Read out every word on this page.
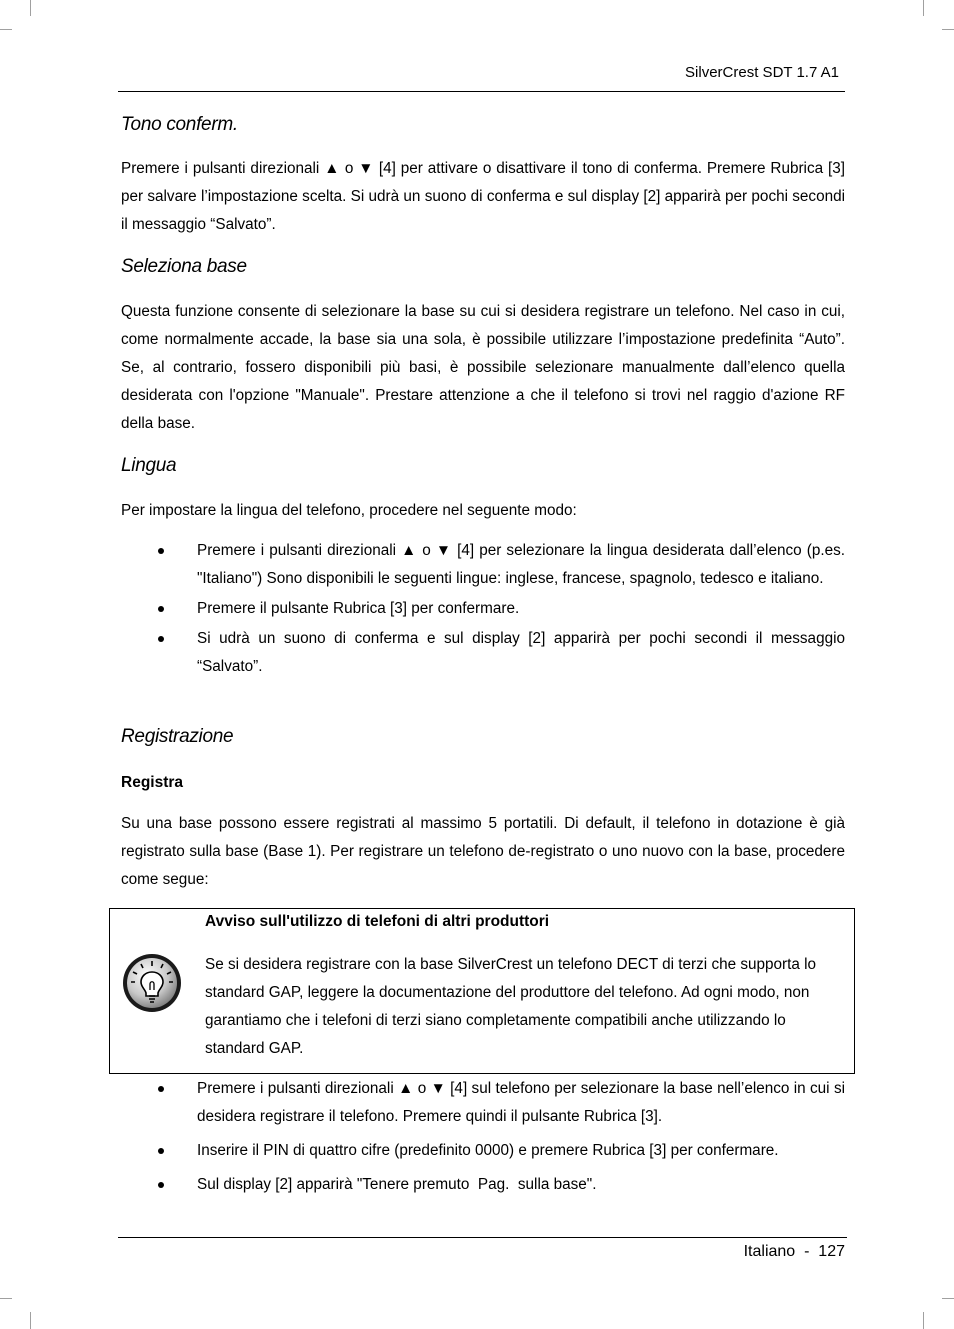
SilverCrest SDT 1.7 A1
Tono conferm.
Premere i pulsanti direzionali ▲ o ▼ [4] per attivare o disattivare il tono di conferma. Premere Rubrica [3] per salvare l’impostazione scelta. Si udrà un suono di conferma e sul display [2] apparirà per pochi secondi il messaggio “Salvato”.
Seleziona base
Questa funzione consente di selezionare la base su cui si desidera registrare un telefono. Nel caso in cui, come normalmente accade, la base sia una sola, è possibile utilizzare l’impostazione predefinita “Auto”. Se, al contrario, fossero disponibili più basi, è possibile selezionare manualmente dall’elenco quella desiderata con l'opzione "Manuale". Prestare attenzione a che il telefono si trovi nel raggio d'azione RF della base.
Lingua
Per impostare la lingua del telefono, procedere nel seguente modo:
Premere i pulsanti direzionali ▲ o ▼ [4] per selezionare la lingua desiderata dall’elenco (p.es. "Italiano") Sono disponibili le seguenti lingue: inglese, francese, spagnolo, tedesco e italiano.
Premere il pulsante Rubrica [3] per confermare.
Si udrà un suono di conferma e sul display [2] apparirà per pochi secondi il messaggio “Salvato”.
Registrazione
Registra
Su una base possono essere registrati al massimo 5 portatili. Di default, il telefono in dotazione è già registrato sulla base (Base 1). Per registrare un telefono de-registrato o uno nuovo con la base, procedere come segue:
Avviso sull'utilizzo di telefoni di altri produttori
Se si desidera registrare con la base SilverCrest un telefono DECT di terzi che supporta lo standard GAP, leggere la documentazione del produttore del telefono. Ad ogni modo, non garantiamo che i telefoni di terzi siano completamente compatibili anche utilizzando lo standard GAP.
Premere i pulsanti direzionali ▲ o ▼ [4] sul telefono per selezionare la base nell’elenco in cui si desidera registrare il telefono. Premere quindi il pulsante Rubrica [3].
Inserire il PIN di quattro cifre (predefinito 0000) e premere Rubrica [3] per confermare.
Sul display [2] apparirà "Tenere premuto  Pag.  sulla base".
Italiano  -  127
